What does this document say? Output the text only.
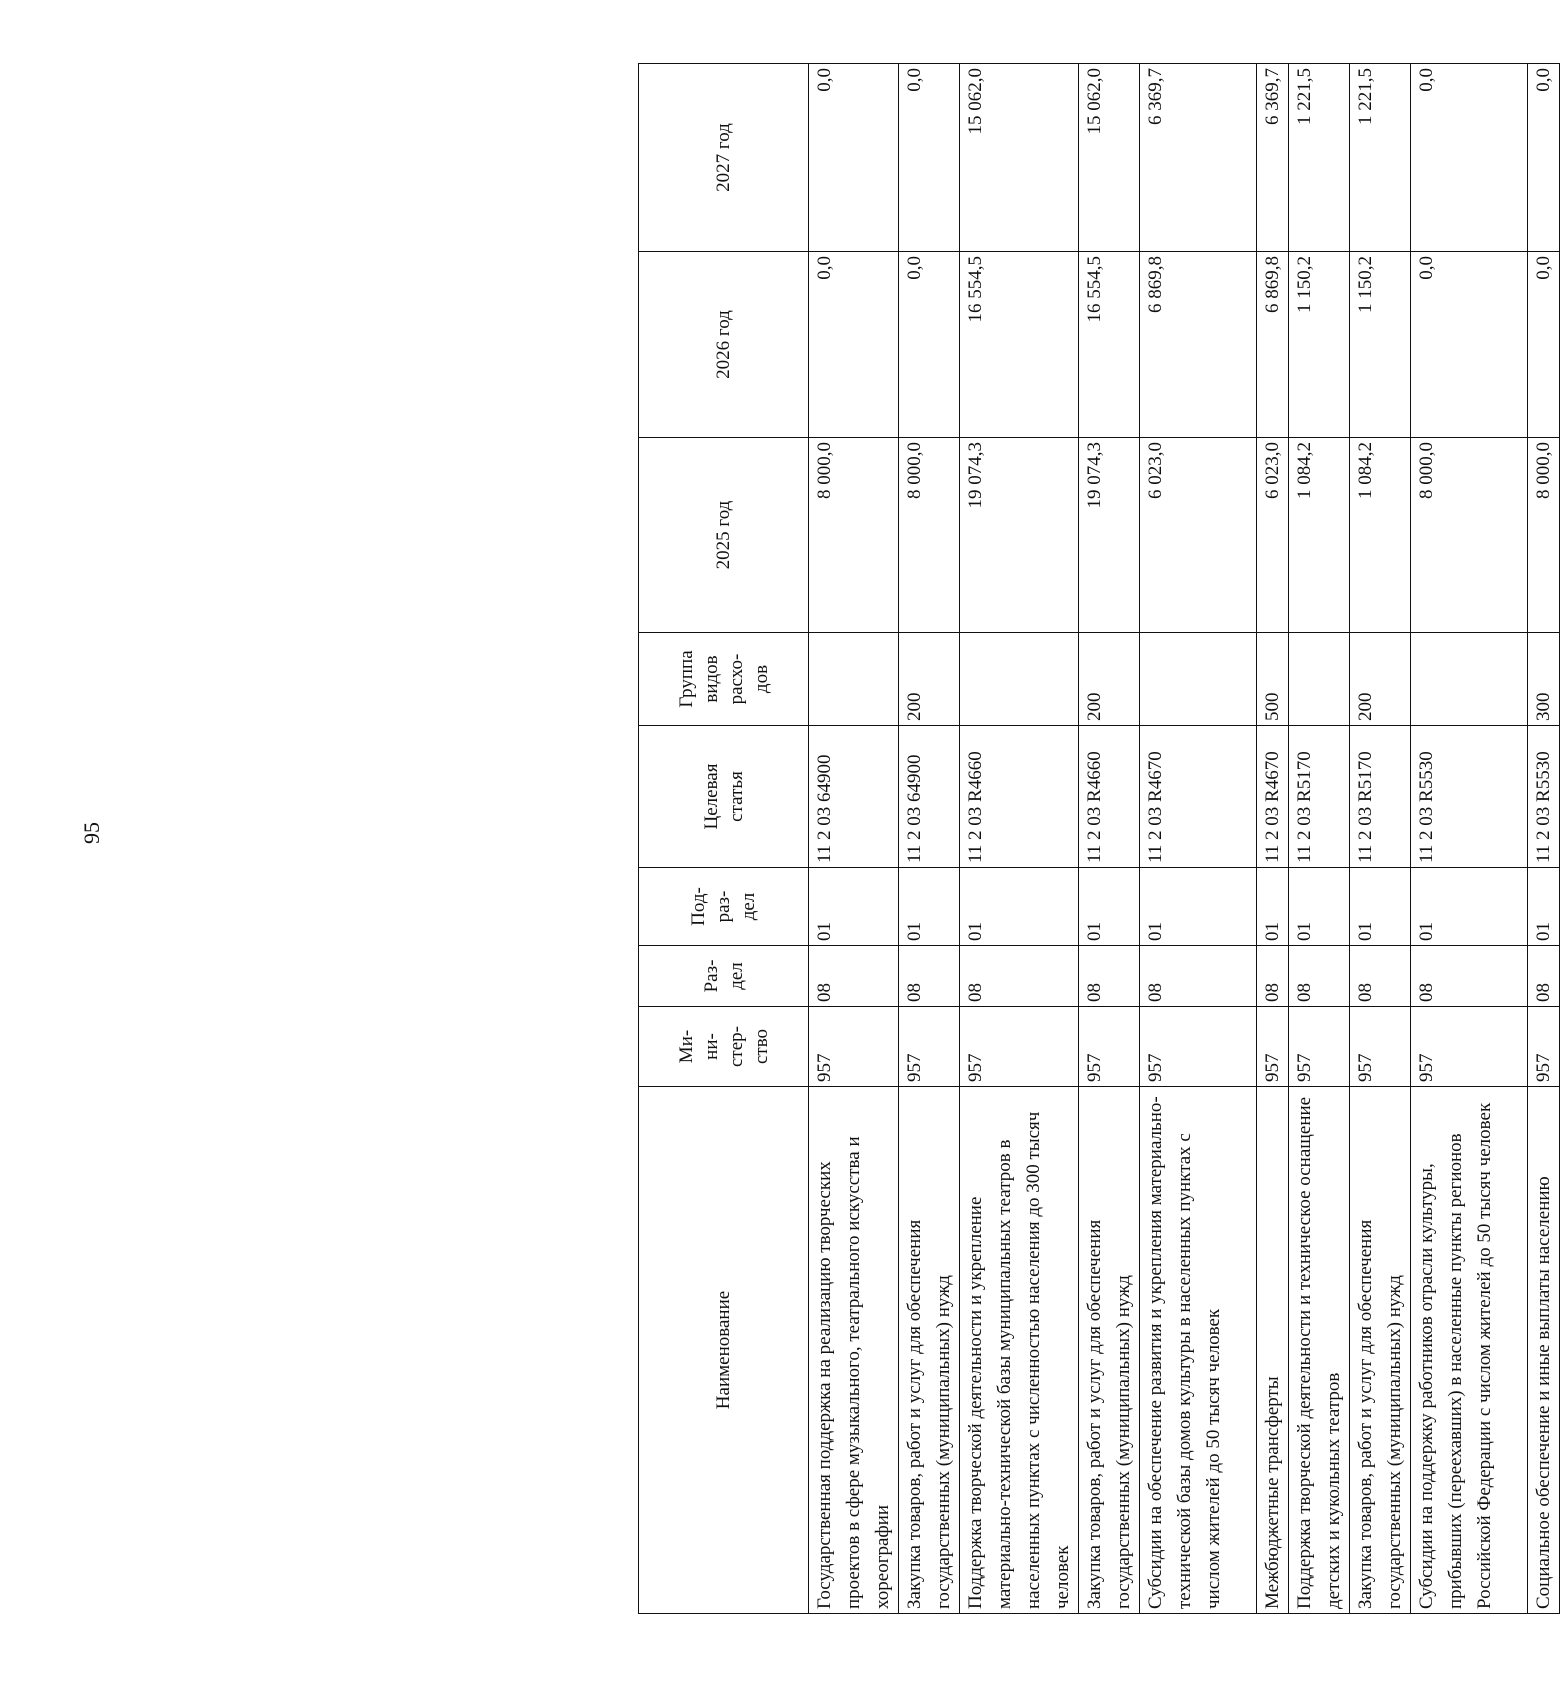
95
Наименование	Ми-
ни-
стер-
ство	Раз-
дел	Под-
раз-
дел	Целевая
статья	Группа
видов
расхо-
дов	2025 год	2026 год	2027 год
Государственная поддержка на реализацию творческих проектов в сфере музыкального, театрального искусства и хореографии	957	08	01	11 2 03 64900		8 000,0	0,0	0,0
Закупка товаров, работ и услуг для обеспечения государственных (муниципальных) нужд	957	08	01	11 2 03 64900	200	8 000,0	0,0	0,0
Поддержка творческой деятельности и укрепление материально-технической базы муниципальных театров в населенных пунктах с численностью населения до 300 тысяч человек	957	08	01	11 2 03 R4660		19 074,3	16 554,5	15 062,0
Закупка товаров, работ и услуг для обеспечения государственных (муниципальных) нужд	957	08	01	11 2 03 R4660	200	19 074,3	16 554,5	15 062,0
Субсидии на обеспечение развития и укрепления материально-технической базы домов культуры в населенных пунктах с числом жителей до 50 тысяч человек	957	08	01	11 2 03 R4670		6 023,0	6 869,8	6 369,7
Межбюджетные трансферты	957	08	01	11 2 03 R4670	500	6 023,0	6 869,8	6 369,7
Поддержка творческой деятельности и техническое оснащение детских и кукольных театров	957	08	01	11 2 03 R5170		1 084,2	1 150,2	1 221,5
Закупка товаров, работ и услуг для обеспечения государственных (муниципальных) нужд	957	08	01	11 2 03 R5170	200	1 084,2	1 150,2	1 221,5
Субсидии на поддержку работников отрасли культуры, прибывших (переехавших) в населенные пункты регионов Российской Федерации с числом жителей до 50 тысяч человек	957	08	01	11 2 03 R5530		8 000,0	0,0	0,0
Социальное обеспечение и иные выплаты населению	957	08	01	11 2 03 R5530	300	8 000,0	0,0	0,0
